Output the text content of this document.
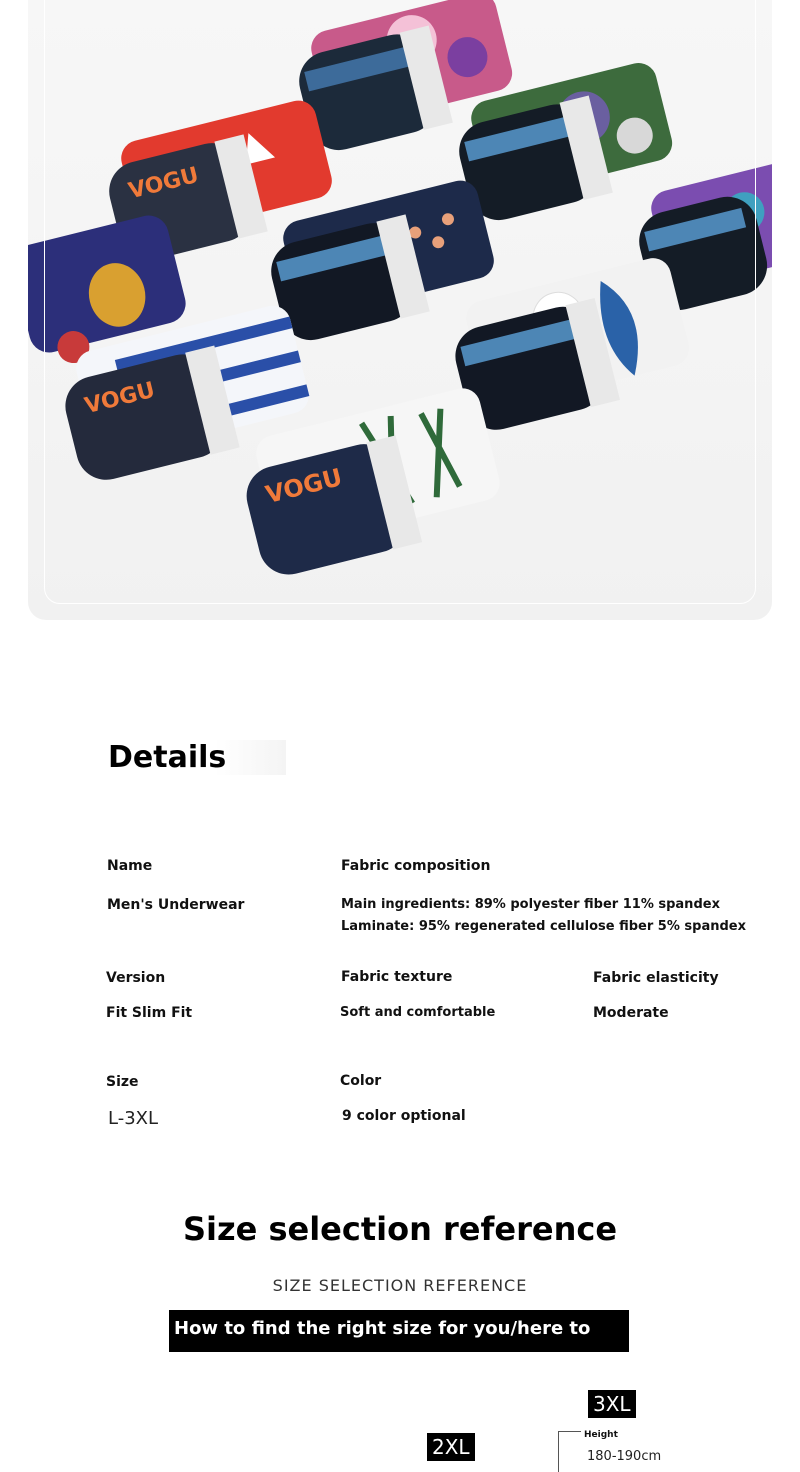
VOGU
VOGU
VOGU
Details
Name
Men's Underwear
Fabric composition
Main ingredients: 89% polyester fiber 11% spandex
Laminate: 95% regenerated cellulose fiber 5% spandex
Version
Fit Slim Fit
Fabric texture
Soft and comfortable
Fabric elasticity
Moderate
Size
L-3XL
Color
9 color optional
Size selection reference
SIZE SELECTION REFERENCE
How to find the right size for you/here to tell you
3XL
2XL	Height
180-190cm
